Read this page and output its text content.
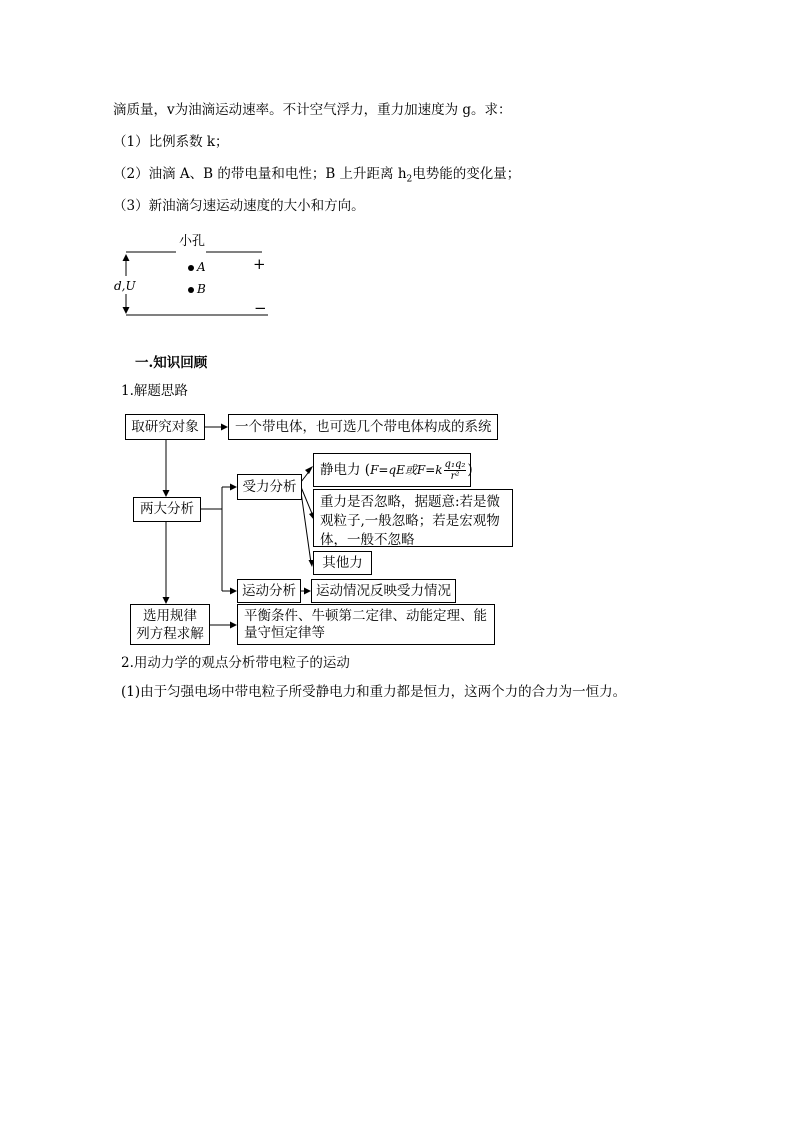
滴质量，v为油滴运动速率。不计空气浮力，重力加速度为 g。求：
（1）比例系数 k；
（2）油滴 A、B 的带电量和电性；B 上升距离 $h_2$电势能的变化量；
（3）新油滴匀速运动速度的大小和方向。
小孔
A
B
+
−
d,U
一.知识回顾
1.解题思路
取研究对象	一个带电体，也可选几个带电体构成的系统
两大分析
受力分析
静电力 ( F=qE或$F=k \frac{\text{q₁q₂}}{\text{r²}}$ )
重力是否忽略，据题意:若是微观粒子,一般忽略；若是宏观物体，一般不忽略
其他力
运动分析 运动情况反映受力情况
选用规律
列方程求解
平衡条件、牛顿第二定律、动能定理、能量守恒定律等
2.用动力学的观点分析带电粒子的运动
(1)由于匀强电场中带电粒子所受静电力和重力都是恒力，这两个力的合力为一恒力。
